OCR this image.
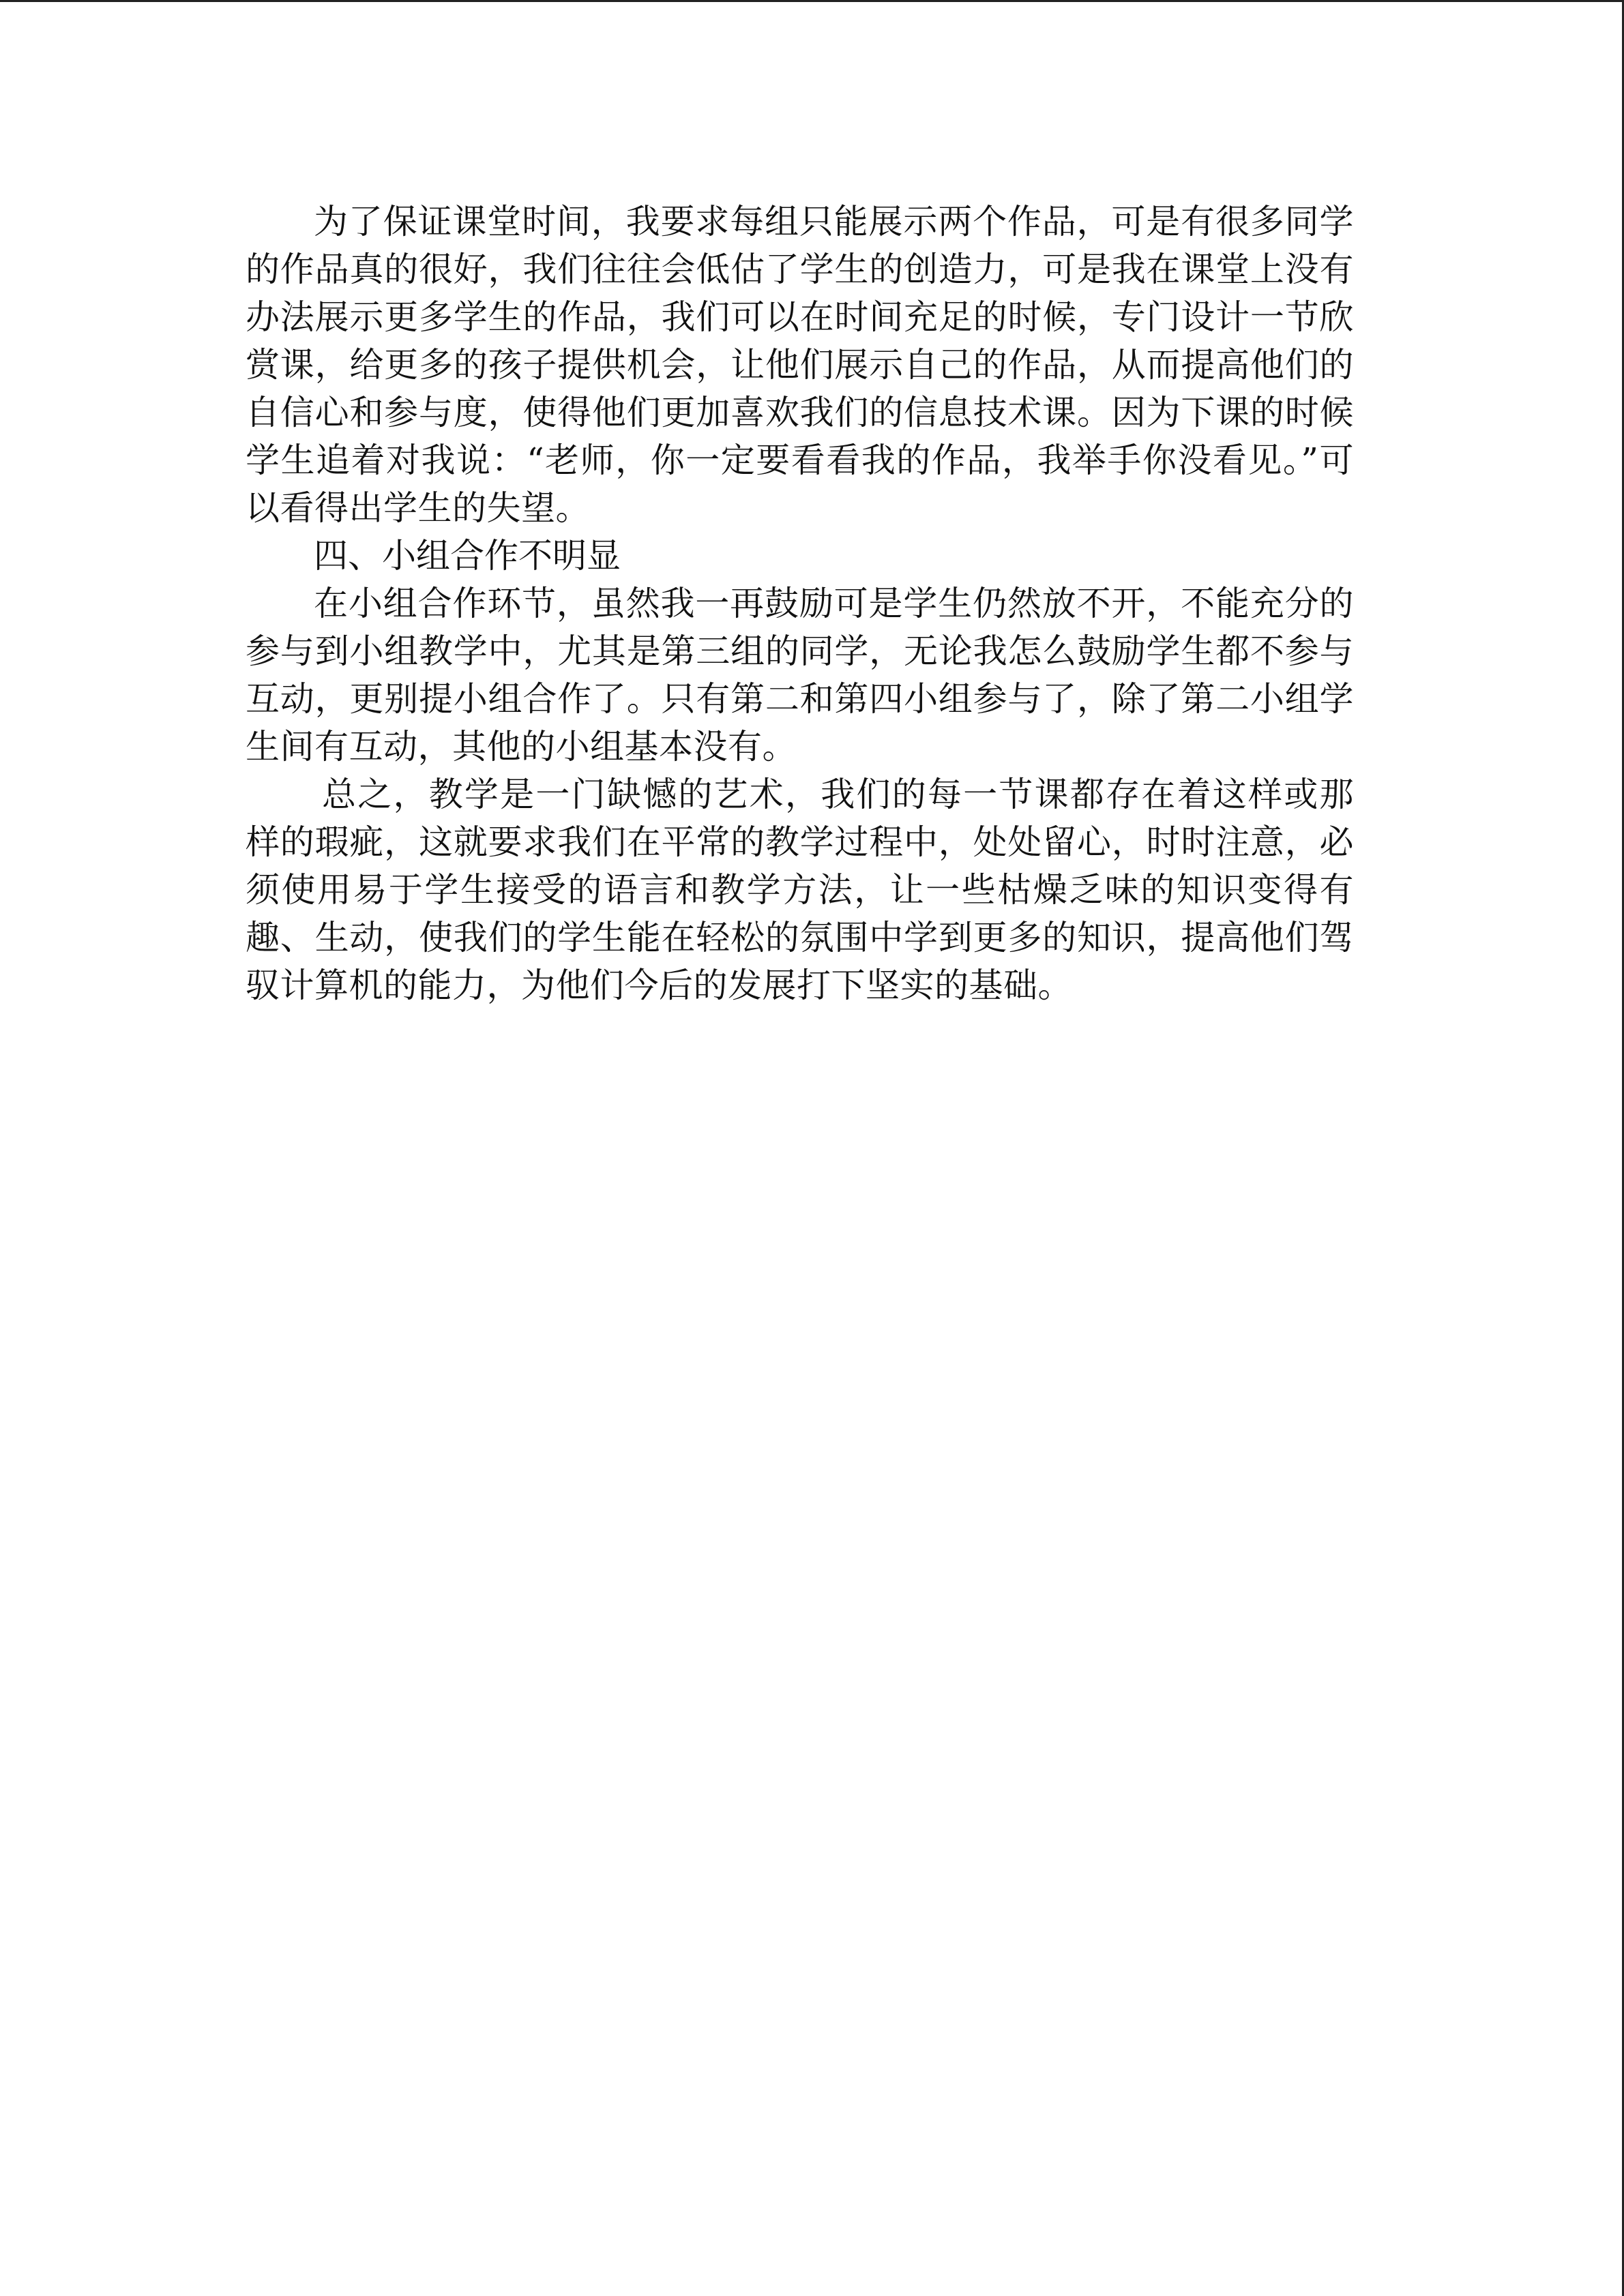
为了保证课堂时间，我要求每组只能展示两个作品，可是有很多同学的作品真的很好，我们往往会低估了学生的创造力，可是我在课堂上没有办法展示更多学生的作品，我们可以在时间充足的时候，专门设计一节欣赏课，给更多的孩子提供机会，让他们展示自己的作品，从而提高他们的自信心和参与度，使得他们更加喜欢我们的信息技术课。因为下课的时候学生追着对我说：“老师，你一定要看看我的作品，我举手你没看见。”可以看得出学生的失望。

四、小组合作不明显

在小组合作环节，虽然我一再鼓励可是学生仍然放不开，不能充分的参与到小组教学中，尤其是第三组的同学，无论我怎么鼓励学生都不参与互动，更别提小组合作了。只有第二和第四小组参与了，除了第二小组学生间有互动，其他的小组基本没有。

总之，教学是一门缺憾的艺术，我们的每一节课都存在着这样或那样的瑕疵，这就要求我们在平常的教学过程中，处处留心，时时注意，必须使用易于学生接受的语言和教学方法，让一些枯燥乏味的知识变得有趣、生动，使我们的学生能在轻松的氛围中学到更多的知识，提高他们驾驭计算机的能力，为他们今后的发展打下坚实的基础。
